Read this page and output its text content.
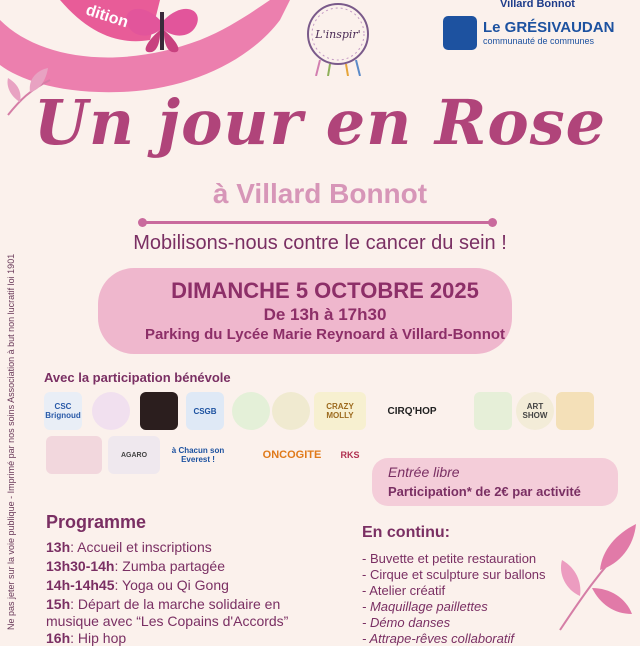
dition
L'inspir'
Villard Bonnot
Le GRÉSIVAUDAN
communauté de communes
Un jour en Rose
à Villard Bonnot
Mobilisons-nous contre le cancer du sein !
DIMANCHE 5 OCTOBRE 2025
De 13h à 17h30
Parking du Lycée Marie Reynoard à Villard-Bonnot
Ne pas jeter sur la voie publique - Imprimé par nos soins Association à but non lucratif loi 1901 Avec la participation bénévole
CSC Brignoud	CSGB	CRAZY MOLLY	CIRQ'HOP	ART SHOW
AGARO	à Chacun son Everest !	ONCOGITE	RKS
Entrée libre
Participation* de 2€ par activité
Programme
13h: Accueil et inscriptions
13h30-14h: Zumba partagée
14h-14h45: Yoga ou Qi Gong
15h: Départ de la marche solidaire en
musique avec “Les Copains d'Accords”
16h: Hip hop
En continu:
- Buvette et petite restauration
- Cirque et sculpture sur ballons
- Atelier créatif
- Maquillage paillettes
- Démo danses
- Attrape-rêves collaboratif
